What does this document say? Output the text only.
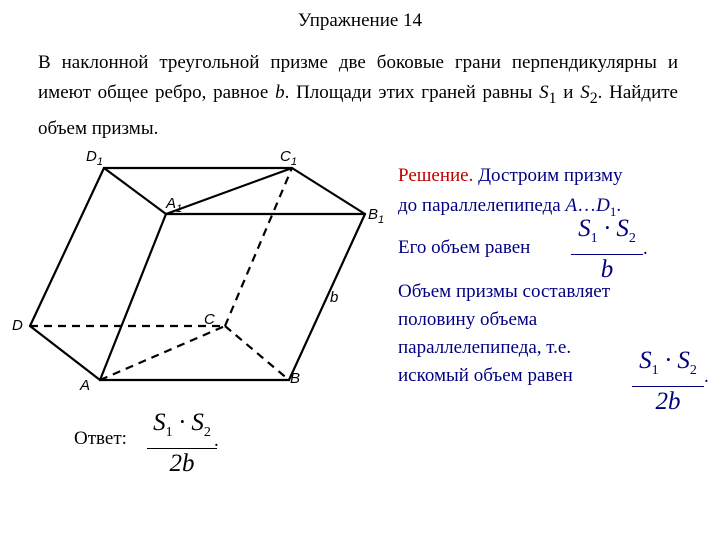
Упражнение 14
В наклонной треугольной призме две боковые грани перпендикулярны и имеют общее ребро, равное b. Площади этих граней равны $S_1$ и $S_2$. Найдите объем призмы.
$D_1$	$C_1$
$A_1$	$B_1$
D	C
A	B
b
Решение. Достроим призму
до параллелепипеда $A\dots D_1$.
Его объем равен
Объем призмы составляет
половину объема
параллелепипеда, т.е.
искомый объем равен
$S_1 \cdot S_2$
b
.
$S_1 \cdot S_2$
2b
.
Ответ:
$S_1 \cdot S_2$
2b
.
